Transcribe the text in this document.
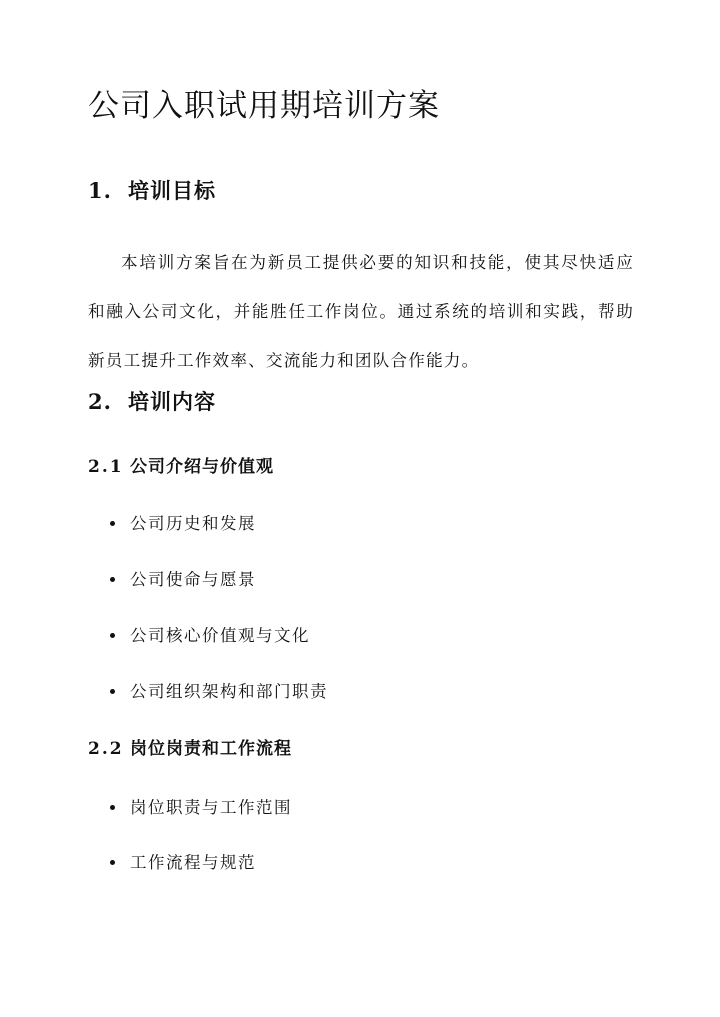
公司入职试用期培训方案
1. 培训目标

本培训方案旨在为新员工提供必要的知识和技能，使其尽快适应和融入公司文化，并能胜任工作岗位。通过系统的培训和实践，帮助新员工提升工作效率、交流能力和团队合作能力。

2. 培训内容
2.1 公司介绍与价值观
公司历史和发展
公司使命与愿景
公司核心价值观与文化
公司组织架构和部门职责
2.2 岗位岗责和工作流程
岗位职责与工作范围
工作流程与规范
